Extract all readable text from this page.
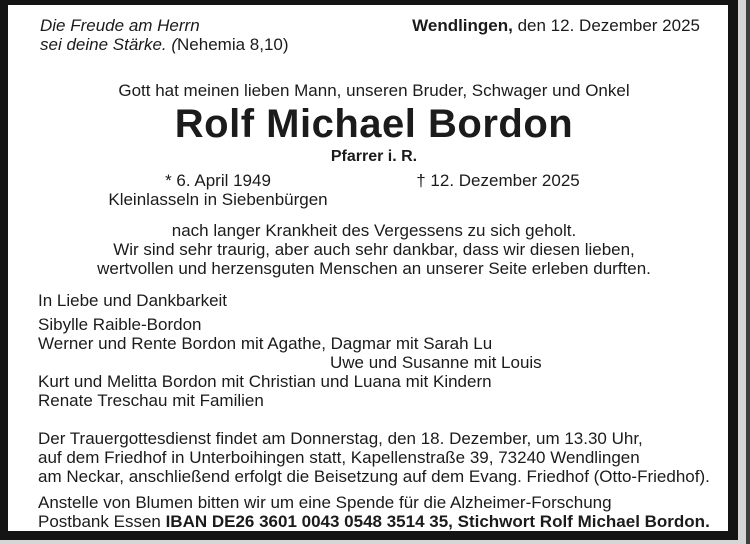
Die Freude am Herrn
sei deine Stärke. (Nehemia 8,10)
Wendlingen, den 12. Dezember 2025
Gott hat meinen lieben Mann, unseren Bruder, Schwager und Onkel
Rolf Michael Bordon
Pfarrer i. R.
* 6. April 1949
Kleinlasseln in Siebenbürgen
† 12. Dezember 2025
nach langer Krankheit des Vergessens zu sich geholt.
Wir sind sehr traurig, aber auch sehr dankbar, dass wir diesen lieben,
wertvollen und herzensguten Menschen an unserer Seite erleben durften.
In Liebe und Dankbarkeit
Sibylle Raible-Bordon
Werner und Rente Bordon mit Agathe, Dagmar mit Sarah Lu
Uwe und Susanne mit Louis
Kurt und Melitta Bordon mit Christian und Luana mit Kindern
Renate Treschau mit Familien
Der Trauergottesdienst findet am Donnerstag, den 18. Dezember, um 13.30 Uhr,
auf dem Friedhof in Unterboihingen statt, Kapellenstraße 39, 73240 Wendlingen
am Neckar, anschließend erfolgt die Beisetzung auf dem Evang. Friedhof (Otto-Friedhof).
Anstelle von Blumen bitten wir um eine Spende für die Alzheimer-Forschung
Postbank Essen IBAN DE26 3601 0043 0548 3514 35, Stichwort Rolf Michael Bordon.
